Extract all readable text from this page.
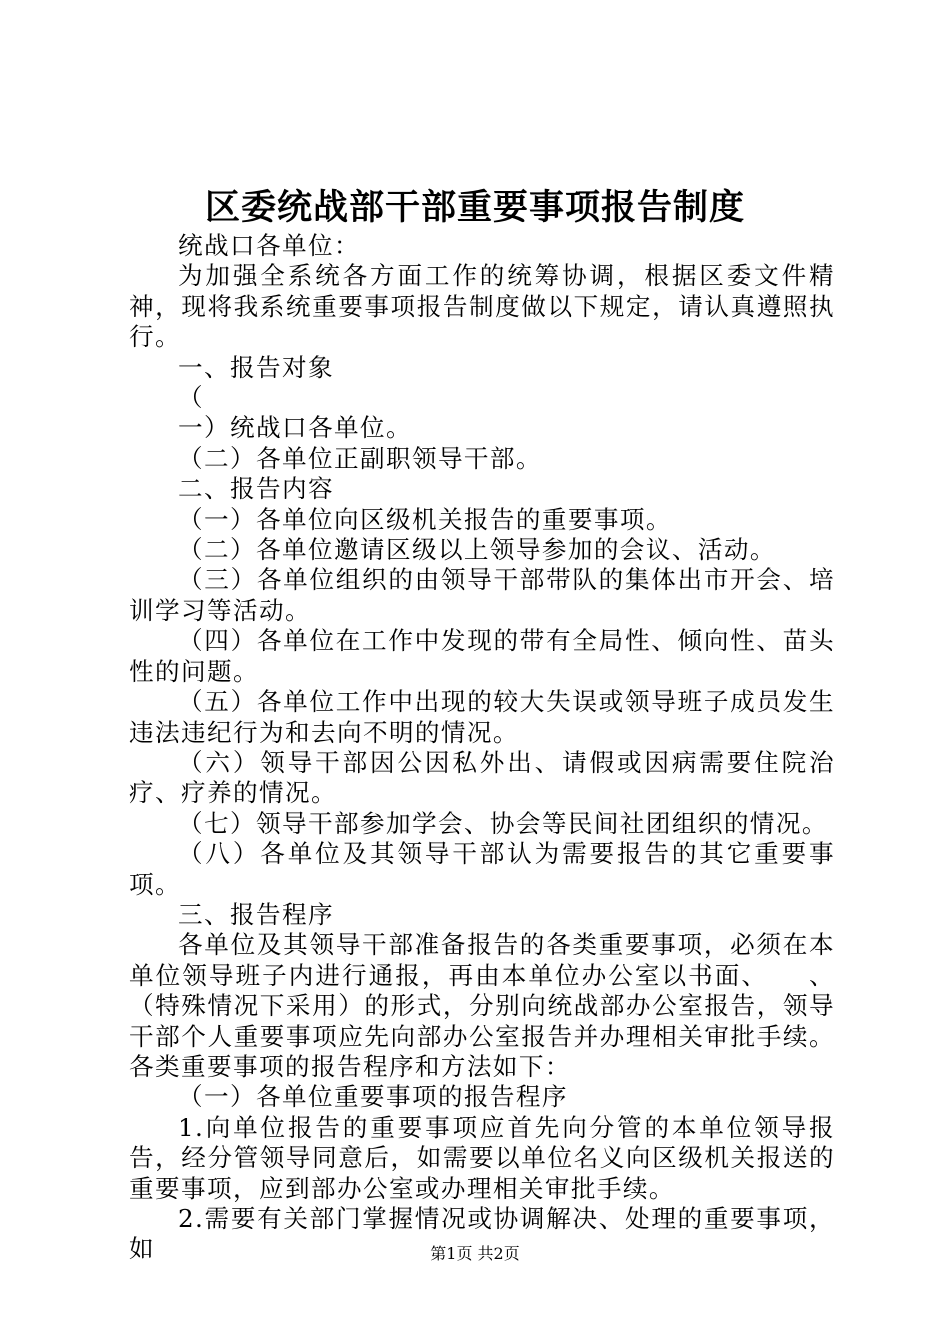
区委统战部干部重要事项报告制度

统战口各单位：

为加强全系统各方面工作的统筹协调，根据区委文件精神，现将我系统重要事项报告制度做以下规定，请认真遵照执行。

一、报告对象

（

一）统战口各单位。

（二）各单位正副职领导干部。

二、报告内容

（一）各单位向区级机关报告的重要事项。

（二）各单位邀请区级以上领导参加的会议、活动。

（三）各单位组织的由领导干部带队的集体出市开会、培训学习等活动。

（四）各单位在工作中发现的带有全局性、倾向性、苗头性的问题。

（五）各单位工作中出现的较大失误或领导班子成员发生违法违纪行为和去向不明的情况。

（六）领导干部因公因私外出、请假或因病需要住院治疗、疗养的情况。

（七）领导干部参加学会、协会等民间社团组织的情况。

（八）各单位及其领导干部认为需要报告的其它重要事项。

三、报告程序

各单位及其领导干部准备报告的各类重要事项，必须在本单位领导班子内进行通报，再由本单位办公室以书面、　　、（特殊情况下采用）的形式，分别向统战部办公室报告，领导干部个人重要事项应先向部办公室报告并办理相关审批手续。各类重要事项的报告程序和方法如下：

（一）各单位重要事项的报告程序

1.向单位报告的重要事项应首先向分管的本单位领导报告，经分管领导同意后，如需要以单位名义向区级机关报送的重要事项，应到部办公室或办理相关审批手续。

2.需要有关部门掌握情况或协调解决、处理的重要事项，如	第1页 共2页
